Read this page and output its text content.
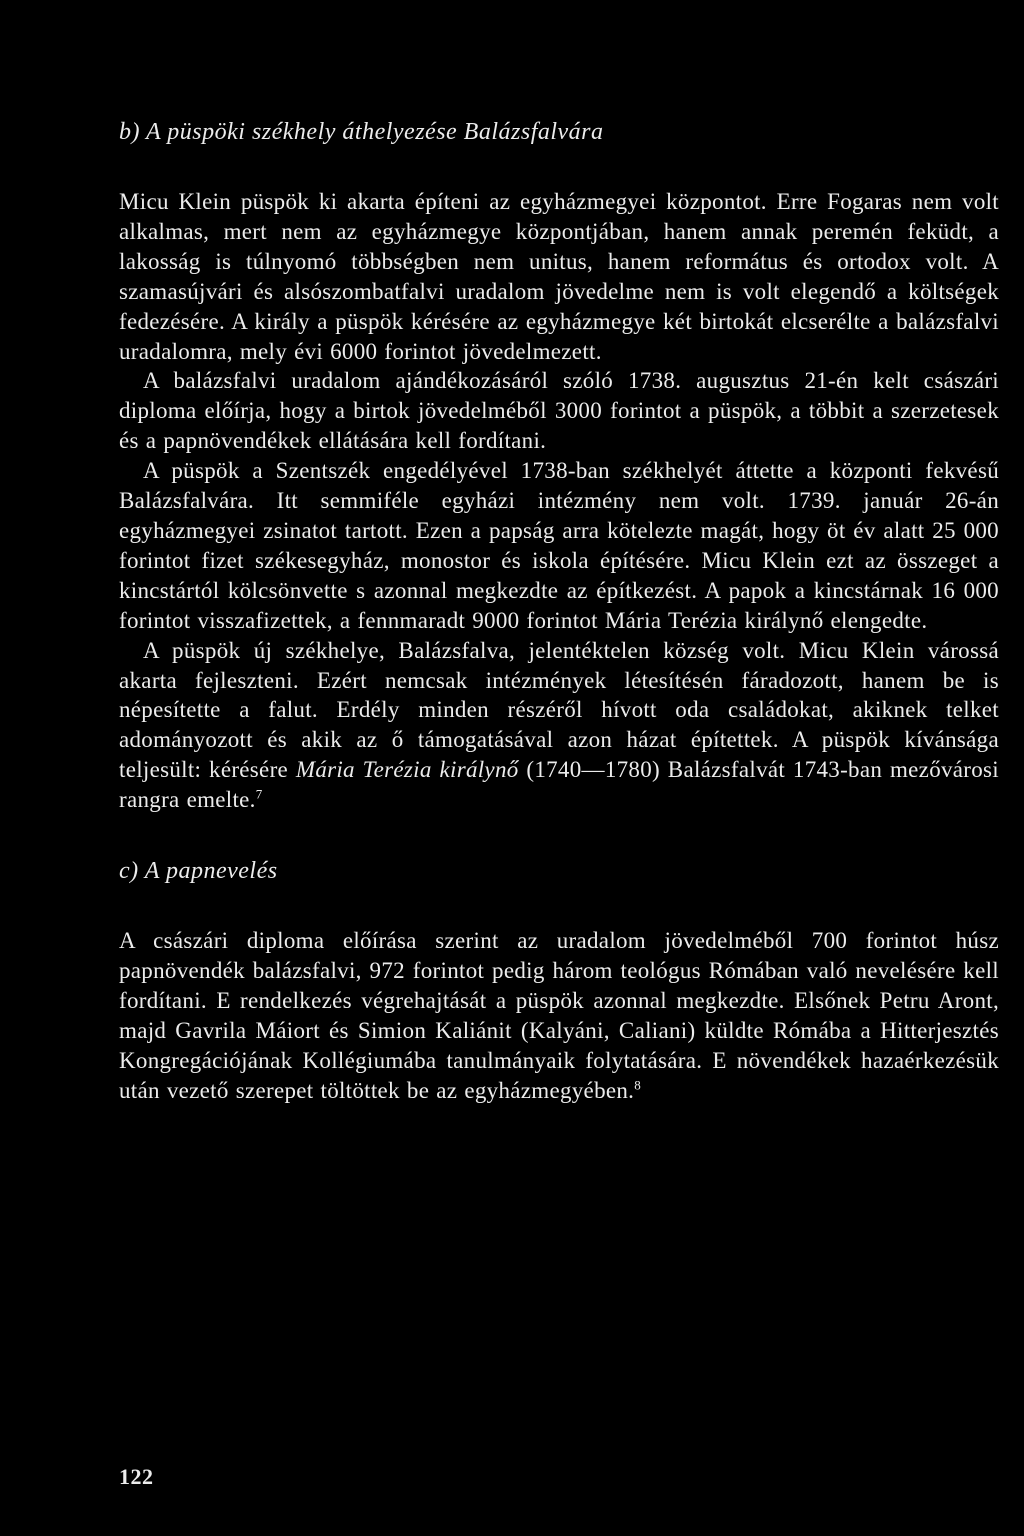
b) A püspöki székhely áthelyezése Balázsfalvára

Micu Klein püspök ki akarta építeni az egyházmegyei központot. Erre Fogaras nem volt alkalmas, mert nem az egyházmegye központjában, hanem annak peremén feküdt, a lakosság is túlnyomó többségben nem unitus, hanem református és ortodox volt. A szamasújvári és alsószombatfalvi uradalom jövedelme nem is volt elegendő a költségek fedezésére. A király a püspök kérésére az egyházmegye két birtokát elcserélte a balázsfalvi uradalomra, mely évi 6000 forintot jövedelmezett.

A balázsfalvi uradalom ajándékozásáról szóló 1738. augusztus 21-én kelt császári diploma előírja, hogy a birtok jövedelméből 3000 forintot a püspök, a többit a szerzetesek és a papnövendékek ellátására kell fordítani.

A püspök a Szentszék engedélyével 1738-ban székhelyét áttette a központi fekvésű Balázsfalvára. Itt semmiféle egyházi intézmény nem volt. 1739. január 26-án egyházmegyei zsinatot tartott. Ezen a papság arra kötelezte magát, hogy öt év alatt 25 000 forintot fizet székesegyház, monostor és iskola építésére. Micu Klein ezt az összeget a kincstártól kölcsönvette s azonnal megkezdte az építkezést. A papok a kincstárnak 16 000 forintot visszafizettek, a fennmaradt 9000 forintot Mária Terézia királynő elengedte.

A püspök új székhelye, Balázsfalva, jelentéktelen község volt. Micu Klein várossá akarta fejleszteni. Ezért nemcsak intézmények létesítésén fáradozott, hanem be is népesítette a falut. Erdély minden részéről hívott oda családokat, akiknek telket adományozott és akik az ő támogatásával azon házat építettek. A püspök kívánsága teljesült: kérésére Mária Terézia királynő (1740—1780) Balázsfalvát 1743-ban mezővárosi rangra emelte.$^7$

c) A papnevelés

A császári diploma előírása szerint az uradalom jövedelméből 700 forintot húsz papnövendék balázsfalvi, 972 forintot pedig három teológus Rómában való nevelésére kell fordítani. E rendelkezés végrehajtását a püspök azonnal megkezdte. Elsőnek Petru Aront, majd Gavrila Máiort és Simion Kaliánit (Kalyáni, Caliani) küldte Rómába a Hitterjesztés Kongregációjának Kollégiumába tanulmányaik folytatására. E növendékek hazaérkezésük után vezető szerepet töltöttek be az egyházmegyében.$^8$

122
